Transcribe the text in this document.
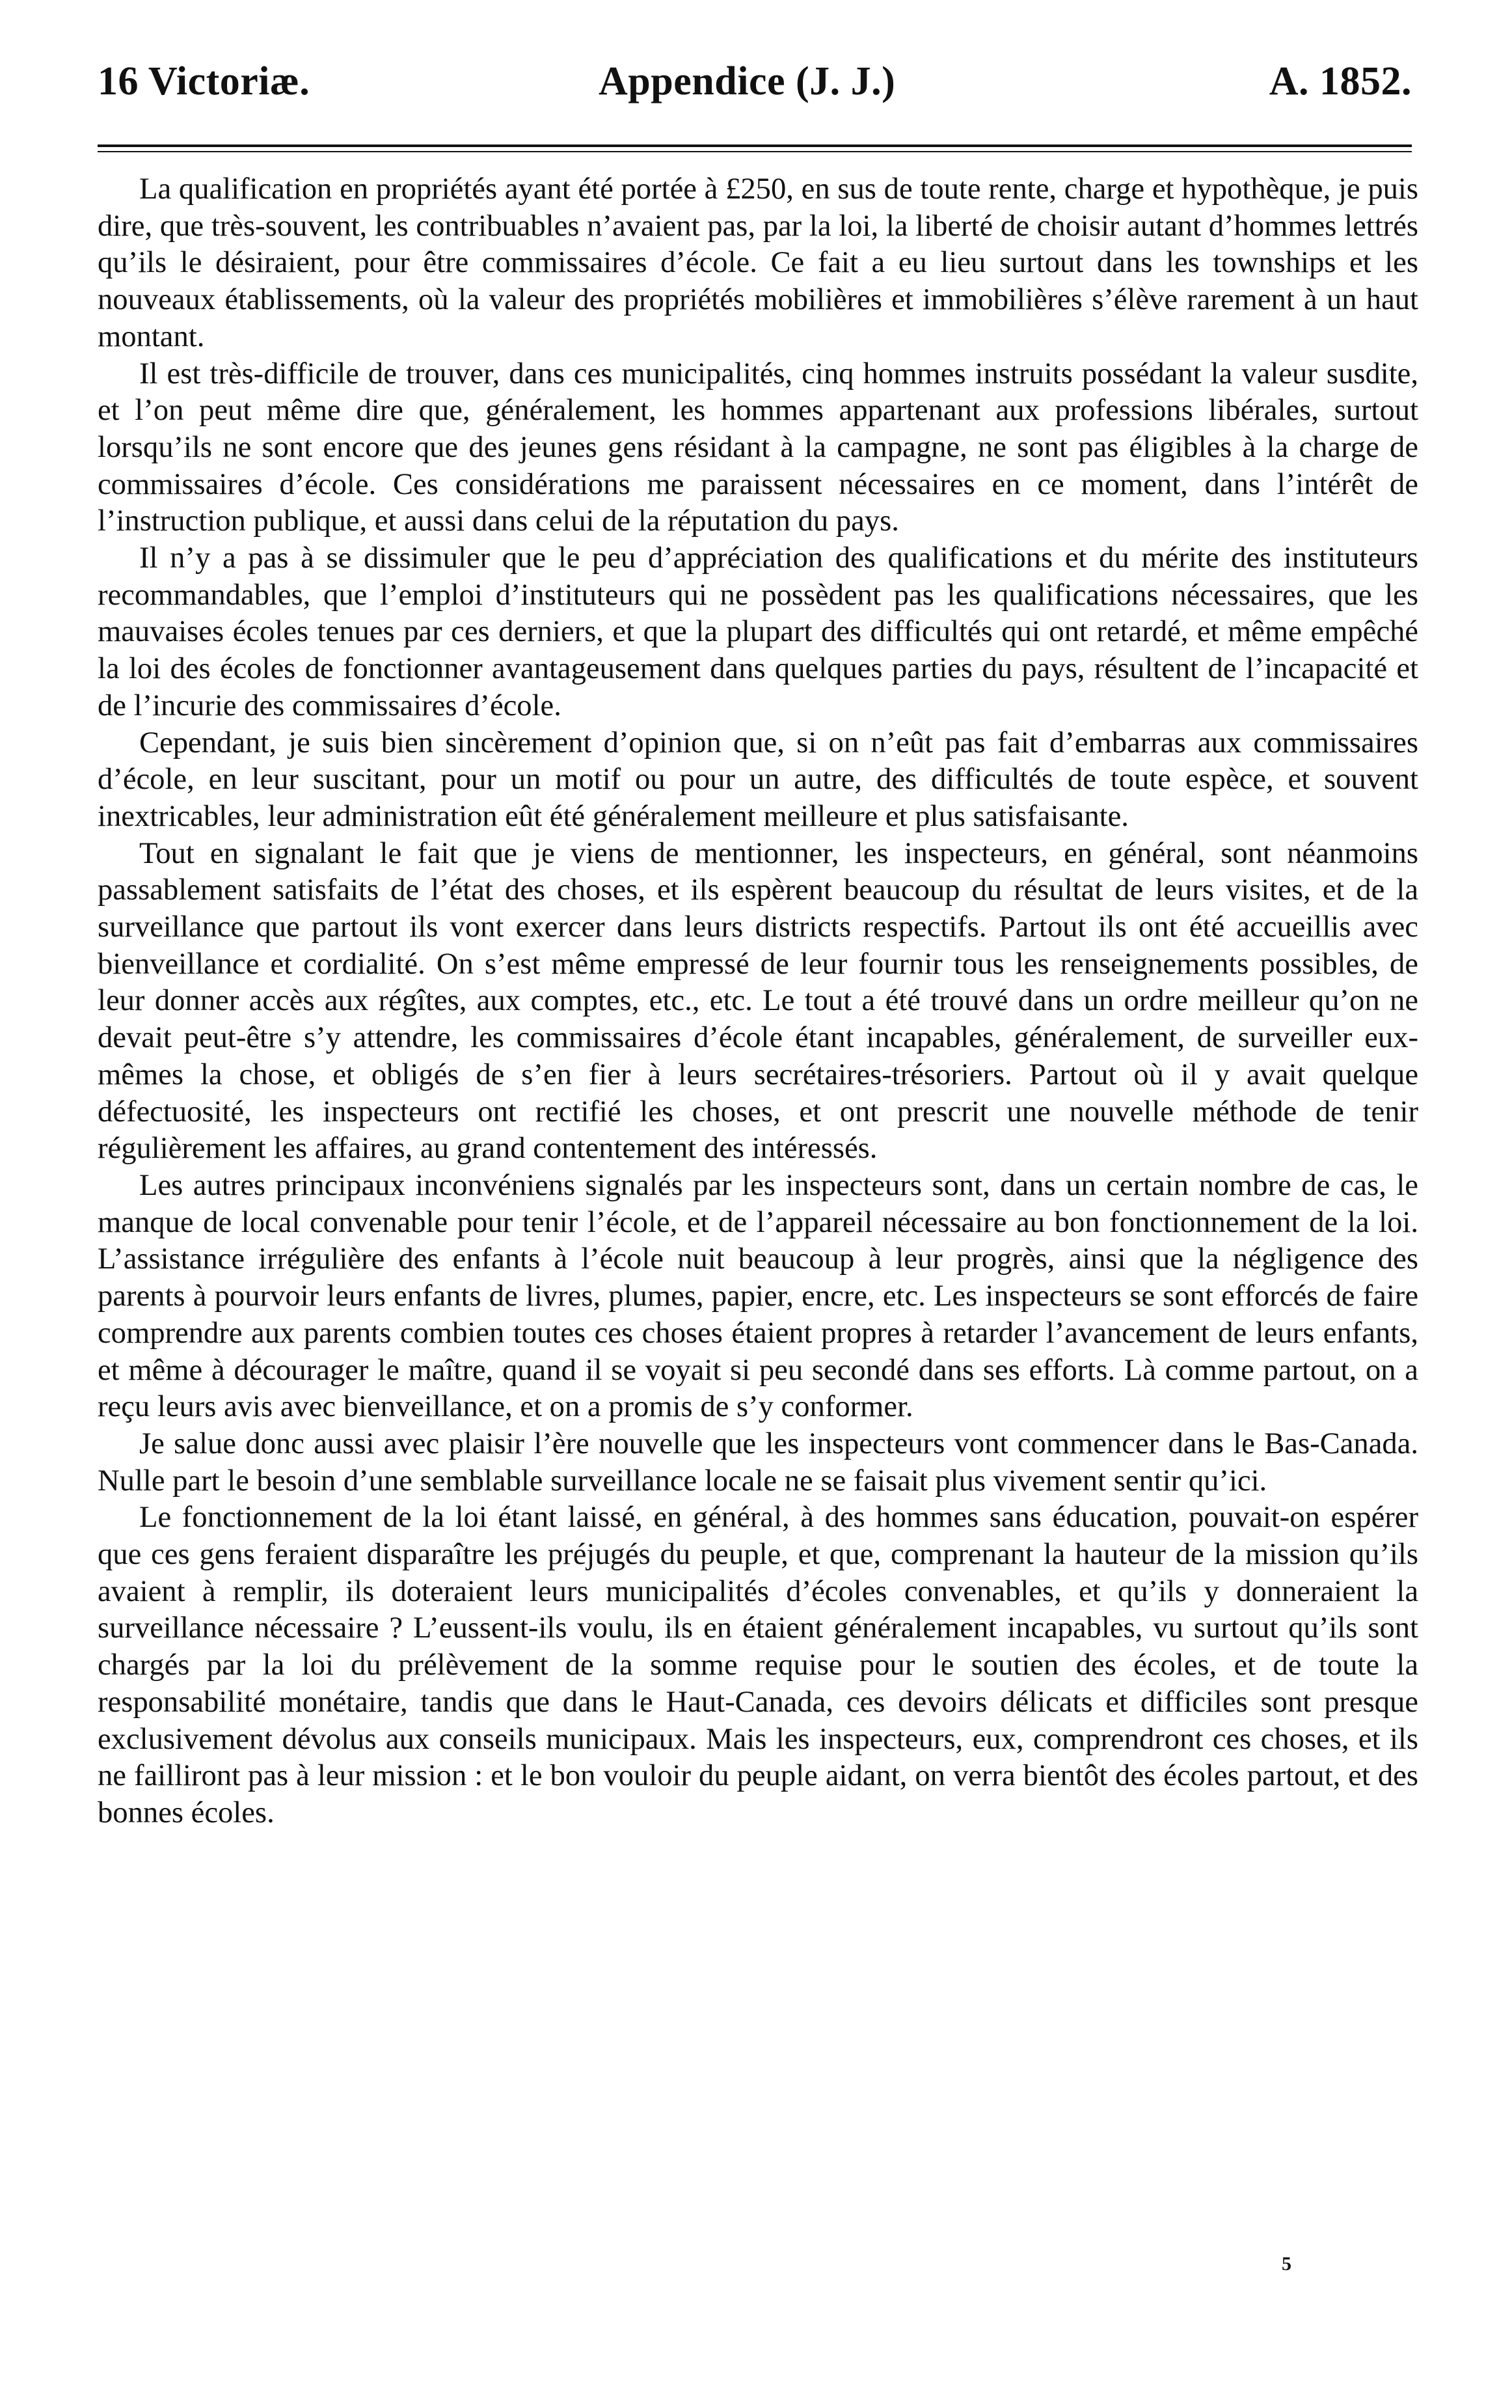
16 Victoriæ.	Appendice (J. J.)	A. 1852.

La qualification en propriétés ayant été portée à £250, en sus de toute rente, charge et hypothèque, je puis dire, que très-souvent, les contribuables n’avaient pas, par la loi, la liberté de choisir autant d’hommes lettrés qu’ils le désiraient, pour être commissaires d’école. Ce fait a eu lieu surtout dans les townships et les nouveaux établissements, où la valeur des propriétés mobilières et immobilières s’élève rarement à un haut montant.

Il est très-difficile de trouver, dans ces municipalités, cinq hommes instruits possédant la valeur susdite, et l’on peut même dire que, généralement, les hommes appartenant aux professions libérales, surtout lorsqu’ils ne sont encore que des jeunes gens résidant à la campagne, ne sont pas éligibles à la charge de commissaires d’école. Ces considérations me paraissent nécessaires en ce moment, dans l’intérêt de l’instruction publique, et aussi dans celui de la réputation du pays.

Il n’y a pas à se dissimuler que le peu d’appréciation des qualifications et du mérite des instituteurs recommandables, que l’emploi d’instituteurs qui ne possèdent pas les qualifications nécessaires, que les mauvaises écoles tenues par ces derniers, et que la plupart des difficultés qui ont retardé, et même empêché la loi des écoles de fonctionner avantageusement dans quelques parties du pays, résultent de l’incapacité et de l’incurie des commissaires d’école.

Cependant, je suis bien sincèrement d’opinion que, si on n’eût pas fait d’embarras aux commissaires d’école, en leur suscitant, pour un motif ou pour un autre, des difficultés de toute espèce, et souvent inextricables, leur administration eût été généralement meilleure et plus satisfaisante.

Tout en signalant le fait que je viens de mentionner, les inspecteurs, en général, sont néanmoins passablement satisfaits de l’état des choses, et ils espèrent beaucoup du résultat de leurs visites, et de la surveillance que partout ils vont exercer dans leurs districts respectifs. Partout ils ont été accueillis avec bienveillance et cordialité. On s’est même empressé de leur fournir tous les renseignements possibles, de leur donner accès aux régîtes, aux comptes, etc., etc. Le tout a été trouvé dans un ordre meilleur qu’on ne devait peut-être s’y attendre, les commissaires d’école étant incapables, généralement, de surveiller eux-mêmes la chose, et obligés de s’en fier à leurs secrétaires-trésoriers. Partout où il y avait quelque défectuosité, les inspecteurs ont rectifié les choses, et ont prescrit une nouvelle méthode de tenir régulièrement les affaires, au grand contentement des intéressés.

Les autres principaux inconvéniens signalés par les inspecteurs sont, dans un certain nombre de cas, le manque de local convenable pour tenir l’école, et de l’appareil nécessaire au bon fonctionnement de la loi. L’assistance irrégulière des enfants à l’école nuit beaucoup à leur progrès, ainsi que la négligence des parents à pourvoir leurs enfants de livres, plumes, papier, encre, etc. Les inspecteurs se sont efforcés de faire comprendre aux parents combien toutes ces choses étaient propres à retarder l’avancement de leurs enfants, et même à décourager le maître, quand il se voyait si peu secondé dans ses efforts. Là comme partout, on a reçu leurs avis avec bienveillance, et on a promis de s’y conformer.

Je salue donc aussi avec plaisir l’ère nouvelle que les inspecteurs vont commencer dans le Bas-Canada. Nulle part le besoin d’une semblable surveillance locale ne se faisait plus vivement sentir qu’ici.

Le fonctionnement de la loi étant laissé, en général, à des hommes sans éducation, pouvait-on espérer que ces gens feraient disparaître les préjugés du peuple, et que, comprenant la hauteur de la mission qu’ils avaient à remplir, ils doteraient leurs municipalités d’écoles convenables, et qu’ils y donneraient la surveillance nécessaire ? L’eussent-ils voulu, ils en étaient généralement incapables, vu surtout qu’ils sont chargés par la loi du prélèvement de la somme requise pour le soutien des écoles, et de toute la responsabilité monétaire, tandis que dans le Haut-Canada, ces devoirs délicats et difficiles sont presque exclusivement dévolus aux conseils municipaux. Mais les inspecteurs, eux, comprendront ces choses, et ils ne failliront pas à leur mission : et le bon vouloir du peuple aidant, on verra bientôt des écoles partout, et des bonnes écoles.

5
